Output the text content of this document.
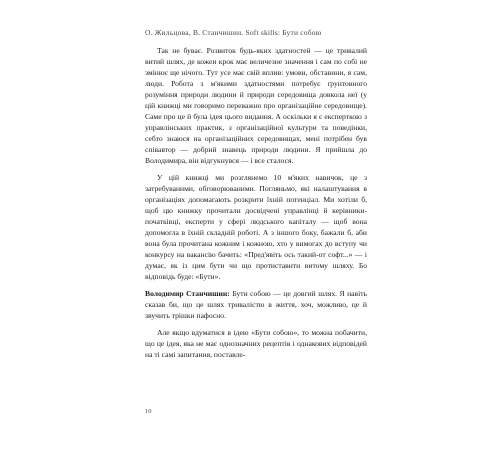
О. Жильцова, В. Станчишин. Soft skills: Бути собою

Так не буває. Розвиток будь-яких здатностей — це тривалий витий шлях, де кожен крок має величезне значення і сам по собі не змінює ще нічого. Тут усе має свій вплив: умови, обставини, я сам, люди. Робота з м'якими здатностями потребує ґрунтовного розуміння природи людини й природи середовища довкола неї (у цій книжці ми говоримо переважно про організаційне середовище). Саме про це й була ідея цього видання. А оскільки я є експерткою з управлінських практик, з організаційної культури та поведінки, себто знаюся на організаційних середовищах, мені потрібен був співавтор — добрий знавець природи людини. Я прийшла до Володимира, він відгукнувся — і все сталося.

У цій книжці ми розглянемо 10 м'яких навичок, це з затребуваними, обговорюваними. Погляньмо, які налаштування в організаціях допомагають розкрити їхній потенціал. Ми хотіли б, щоб цю книжку прочитали досвідчені управлінці й керівники-початківці, експерти у сфері людського капіталу — щоб вона допомогла в їхній складній роботі. А з іншого боку, бажали б, аби вона була прочитана кожним і кожною, хто у вимогах до вступу чи конкурсу на вакансію бачить: «Пред'явіть ось такий-от софт...» — і думає, як із цим бути чи що протиставити витому шляху. Бо відповідь буде: «Бути».

Володимир Станчишин: Бути собою — це довгий шлях. Я навіть сказав би, що це шлях тривалістю в життя, хоч, можливо, це й звучить трішки пафосно.

Але якщо вдуматися в ідею «Бути собою», то можна побачити, що це ідея, яка не має однозначних рецептів і однакових відповідей на ті самі запитання, поставле-

10
